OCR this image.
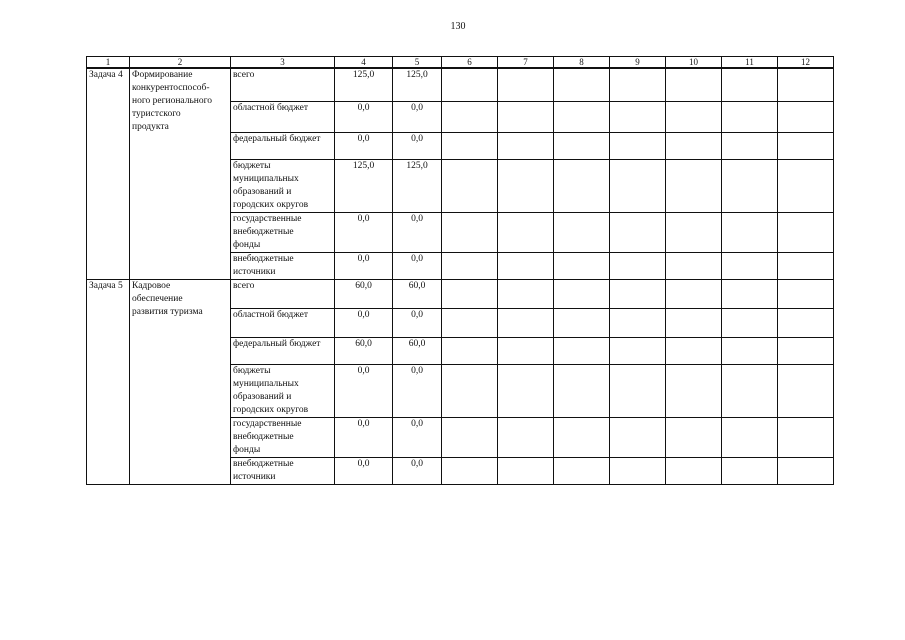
130
1	2	3	4	5	6	7	8	9	10	11	12
Задача 4	Формирование
конкурентоспособ-
ного регионального
туристского
продукта	всего	125,0	125,0							

		областной бюджет	0,0	0,0							

		федеральный бюджет	0,0	0,0							

		бюджеты
муниципальных
образований и
городских округов	125,0	125,0							

		государственные
внебюджетные
фонды	0,0	0,0							

		внебюджетные
источники	0,0	0,0							
Задача 5	Кадровое
обеспечение
развития туризма	всего	60,0	60,0							

		областной бюджет	0,0	0,0							

		федеральный бюджет	60,0	60,0							

		бюджеты
муниципальных
образований и
городских округов	0,0	0,0							

		государственные
внебюджетные
фонды	0,0	0,0							

		внебюджетные
источники	0,0	0,0							
